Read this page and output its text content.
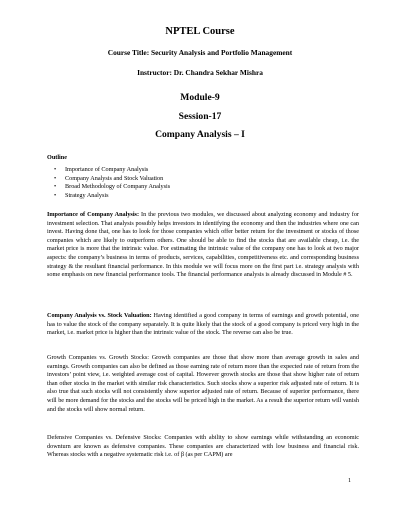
NPTEL Course
Course Title: Security Analysis and Portfolio Management
Instructor: Dr. Chandra Sekhar Mishra
Module-9
Session-17
Company Analysis – I
Outline
• Importance of Company Analysis
• Company Analysis and Stock Valuation
• Broad Methodology of Company Analysis
• Strategy Analysis

Importance of Company Analysis: In the previous two modules, we discussed about analyzing economy and industry for investment selection. That analysis possibly helps investors in identifying the economy and then the industries where one can invest. Having done that, one has to look for those companies which offer better return for the investment or stocks of those companies which are likely to outperform others. One should be able to find the stocks that are available cheap, i.e. the market price is more that the intrinsic value. For estimating the intrinsic value of the company one has to look at two major aspects: the company’s business in terms of products, services, capabilities, competitiveness etc. and corresponding business strategy & the resultant financial performance. In this module we will focus more on the first part i.e. strategy analysis with some emphasis on new financial performance tools. The financial performance analysis is already discussed in Module # 5.

Company Analysis vs. Stock Valuation: Having identified a good company in terms of earnings and growth potential, one has to value the stock of the company separately. It is quite likely that the stock of a good company is priced very high in the market, i.e. market price is higher than the intrinsic value of the stock. The reverse can also be true.

Growth Companies vs. Growth Stocks: Growth companies are those that show more than average growth in sales and earnings. Growth companies can also be defined as those earning rate of return more than the expected rate of return from the investors’ point view, i.e. weighted average cost of capital. However growth stocks are those that show higher rate of return than other stocks in the market with similar risk characteristics. Such stocks show a superior risk adjusted rate of return. It is also true that such stocks will not consistently show superior adjusted rate of return. Because of superior performance, there will be more demand for the stocks and the stocks will be priced high in the market. As a result the superior return will vanish and the stocks will show normal return.

Defensive Companies vs. Defensive Stocks: Companies with ability to show earnings while withstanding an economic downturn are known as defensive companies. These companies are characterized with low business and financial risk. Whereas stocks with a negative systematic risk i.e. of β (as per CAPM) are

1
